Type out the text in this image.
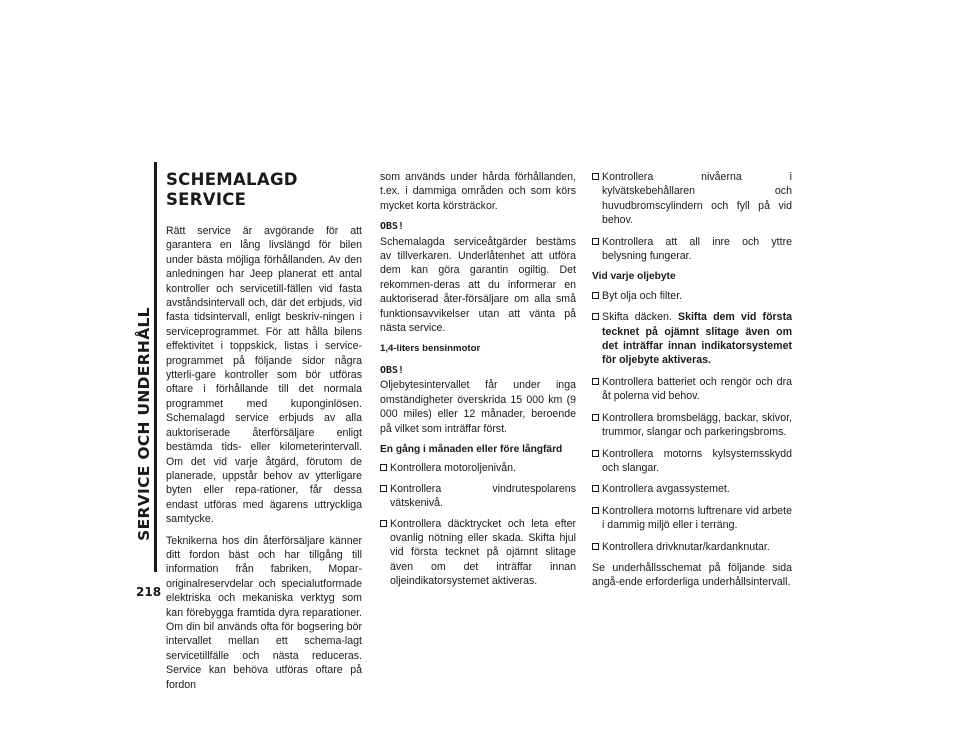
SERVICE OCH UNDERHÅLL
218
SCHEMALAGD SERVICE

Rätt service är avgörande för att garantera en lång livslängd för bilen under bästa möjliga förhållanden. Av den anledningen har Jeep planerat ett antal kontroller och servicetill-fällen vid fasta avståndsintervall och, där det erbjuds, vid fasta tidsintervall, enligt beskriv-ningen i serviceprogrammet. För att hålla bilens effektivitet i toppskick, listas i service-programmet på följande sidor några ytterli-gare kontroller som bör utföras oftare i förhållande till det normala programmet med kuponginlösen. Schemalagd service erbjuds av alla auktoriserade återförsäljare enligt bestämda tids- eller kilometerintervall. Om det vid varje åtgärd, förutom de planerade, uppstår behov av ytterligare byten eller repa-rationer, får dessa endast utföras med ägarens uttryckliga samtycke.

Teknikerna hos din återförsäljare känner ditt fordon bäst och har tillgång till information från fabriken, Mopar-originalreservdelar och specialutformade elektriska och mekaniska verktyg som kan förebygga framtida dyra reparationer. Om din bil används ofta för bogsering bör intervallet mellan ett schema-lagt servicetillfälle och nästa reduceras. Service kan behöva utföras oftare på fordon

som används under hårda förhållanden, t.ex. i dammiga områden och som körs mycket korta körsträckor.

OBS!

Schemalagda serviceåtgärder bestäms av tillverkaren. Underlåtenhet att utföra dem kan göra garantin ogiltig. Det rekommen-deras att du informerar en auktoriserad åter-försäljare om alla små funktionsavvikelser utan att vänta på nästa service.

1,4-liters bensinmotor
OBS!

Oljebytesintervallet får under inga omständigheter överskrida 15 000 km (9 000 miles) eller 12 månader, beroende på vilket som inträffar först.

En gång i månaden eller före långfärd
Kontrollera motoroljenivån.
Kontrollera vindrutespolarens vätskenivå.
Kontrollera däcktrycket och leta efter ovanlig nötning eller skada. Skifta hjul vid första tecknet på ojämnt slitage även om det inträffar innan oljeindikatorsystemet aktiveras.
Kontrollera nivåerna i kylvätskebehållaren och huvudbromscylindern och fyll på vid behov.
Kontrollera att all inre och yttre belysning fungerar.
Vid varje oljebyte
Byt olja och filter.
Skifta däcken. Skifta dem vid första tecknet på ojämnt slitage även om det inträffar innan indikatorsystemet för oljebyte aktiveras.
Kontrollera batteriet och rengör och dra åt polerna vid behov.
Kontrollera bromsbelägg, backar, skivor, trummor, slangar och parkeringsbroms.
Kontrollera motorns kylsystemsskydd och slangar.
Kontrollera avgassystemet.
Kontrollera motorns luftrenare vid arbete i dammig miljö eller i terräng.
Kontrollera drivknutar/kardanknutar.

Se underhållsschemat på följande sida angå-ende erforderliga underhållsintervall.
